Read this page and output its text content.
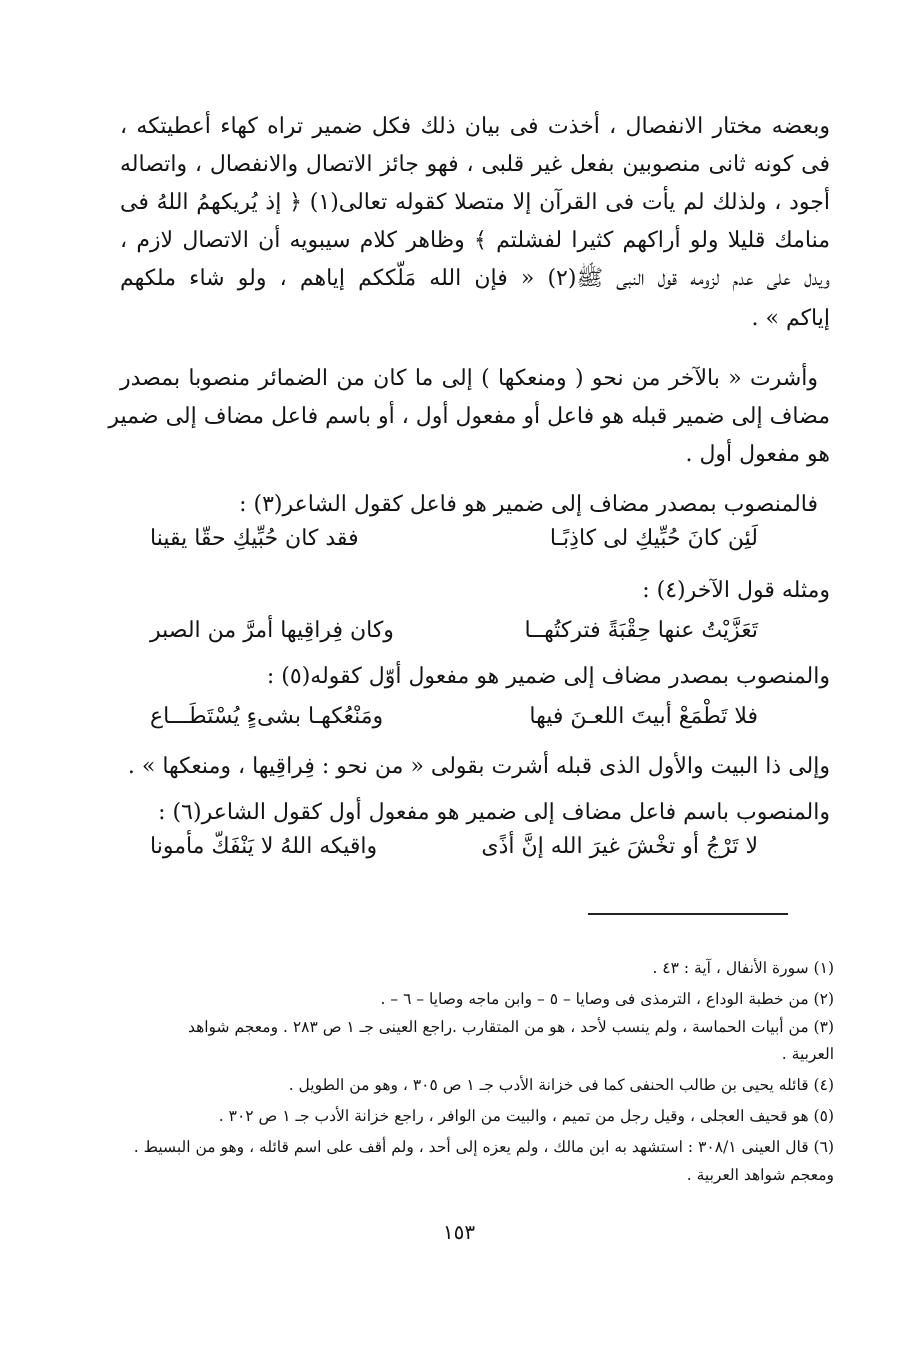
وبعضه مختار الانفصال ، أخذت فى بيان ذلك فكل ضمير تراه كهاء أعطيتكه ،
فى كونه ثانى منصوبين بفعل غير قلبى ، فهو جائز الاتصال والانفصال ، واتصاله
أجود ، ولذلك لم يأت فى القرآن إلا متصلا كقوله تعالى(١) ﴿ إذ يُريكهمُ اللهُ فى
منامك قليلا ولو أراكهم كثيرا لفشلتم ﴾ وظاهر كلام سيبويه أن الاتصال لازم ،
ويدل على عدم لزومه قول النبى ﷺ(٢) « فإن الله مَلّككم إياهم ، ولو شاء ملكهم
إياكم » .
وأشرت « بالآخر من نحو ( ومنعكها ) إلى ما كان من الضمائر منصوبا بمصدر
مضاف إلى ضمير قبله هو فاعل أو مفعول أول ، أو باسم فاعل مضاف إلى ضمير
هو مفعول أول .
فالمنصوب بمصدر مضاف إلى ضمير هو فاعل كقول الشاعر(٣) :
لَئِن كانَ حُبِّيكِ لى كاذِبًـا
فقد كان حُبِّيكِ حقّا يقينا
ومثله قول الآخر(٤) :
تَعَزَّيْتُ عنها حِقْبَةً فتركتُهــا
وكان فِراقِيها أمرَّ من الصبر
والمنصوب بمصدر مضاف إلى ضمير هو مفعول أوّل كقوله(٥) :
فلا تَطْمَعْ أبيتَ اللعـنَ فيها
ومَنْعُكهـا بشىءٍ يُسْتَطَـــاع
وإلى ذا البيت والأول الذى قبله أشرت بقولى « من نحو : فِراقِيها ، ومنعكها » .
والمنصوب باسم فاعل مضاف إلى ضمير هو مفعول أول كقول الشاعر(٦) :
لا تَرْجُ أو تخْشَ غيرَ الله إنَّ أذًى
واقيكه اللهُ لا يَنْفَكّ مأمونا
(١) سورة الأنفال ، آية : ٤٣ .
(٢) من خطبة الوداع ، الترمذى فى وصايا – ٥ – وابن ماجه وصايا – ٦ – .
(٣) من أبيات الحماسة ، ولم ينسب لأحد ، هو من المتقارب .راجع العينى جـ ١ ص ٢٨٣ . ومعجم شواهد
العربية .
(٤) قائله يحيى بن طالب الحنفى كما فى خزانة الأدب جـ ١ ص ٣٠٥ ، وهو من الطويل .
(٥) هو قحيف العجلى ، وقيل رجل من تميم ، والبيت من الوافر ، راجع خزانة الأدب جـ ١ ص ٣٠٢ .
(٦) قال العينى ٣٠٨/١ : استشهد به ابن مالك ، ولم يعزه إلى أحد ، ولم أقف على اسم قائله ، وهو من البسيط .
ومعجم شواهد العربية .
١٥٣
